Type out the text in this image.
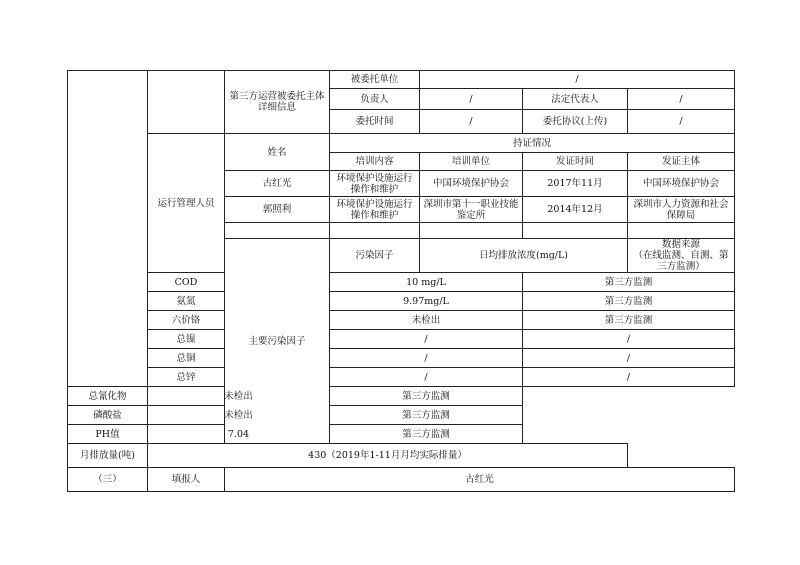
		第三方运营被委托主体详细信息	被委托单位	/		
			负责人	/	法定代表人	/
			委托时间	/	委托协议(上传)	/
	运行管理人员	姓名	持证情况			
			培训内容	培训单位	发证时间	发证主体
		古红光	环境保护设施运行操作和维护	中国环境保护协会	2017年11月	中国环境保护协会
		郭照利	环境保护设施运行操作和维护	深圳市第十一职业技能鉴定所	2014年12月	深圳市人力资源和社会保障局

		主要污染因子	污染因子	日均排放浓度(mg/L)		数据来源
（在线监测、自测、第三方监测）
	COD		10 mg/L		第三方监测	
	氨氮		9.97mg/L		第三方监测	
	六价铬		未检出		第三方监测	
	总镍		/		/	
	总铜		/		/	
	总锌		/		/	
总氰化物	未检出		第三方监测			
磷酸盐	未检出		第三方监测			
PH值	7.04		第三方监测			
月排放量(吨)	430（2019年1-11月月均实际排量）					
（三）	填报人	古红光				
